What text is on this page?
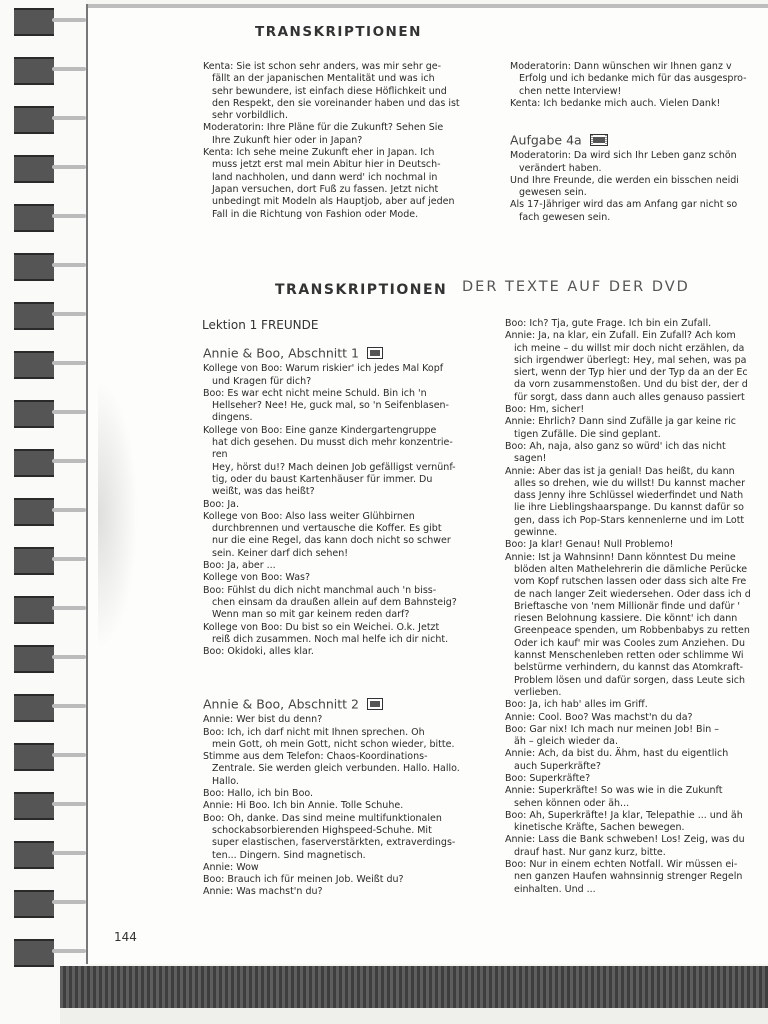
TRANSKRIPTIONEN
TRANSKRIPTIONEN DER TEXTE AUF DER DVD

Kenta: Sie ist schon sehr anders, was mir sehr ge-

fällt an der japanischen Mentalität und was ich

sehr bewundere, ist einfach diese Höflichkeit und

den Respekt, den sie voreinander haben und das ist

sehr vorbildlich.

Moderatorin: Ihre Pläne für die Zukunft? Sehen Sie

Ihre Zukunft hier oder in Japan?

Kenta: Ich sehe meine Zukunft eher in Japan. Ich

muss jetzt erst mal mein Abitur hier in Deutsch-

land nachholen, und dann werd' ich nochmal in

Japan versuchen, dort Fuß zu fassen. Jetzt nicht

unbedingt mit Modeln als Hauptjob, aber auf jeden

Fall in die Richtung von Fashion oder Mode.

Moderatorin: Dann wünschen wir Ihnen ganz v

Erfolg und ich bedanke mich für das ausgespro-

chen nette Interview!

Kenta: Ich bedanke mich auch. Vielen Dank!

Aufgabe 4a

Moderatorin: Da wird sich Ihr Leben ganz schön

verändert haben.

Und Ihre Freunde, die werden ein bisschen neidi

gewesen sein.

Als 17-Jähriger wird das am Anfang gar nicht so

fach gewesen sein.

Lektion 1 FREUNDE
Annie & Boo, Abschnitt 1

Kollege von Boo: Warum riskier' ich jedes Mal Kopf

und Kragen für dich?

Boo: Es war echt nicht meine Schuld. Bin ich 'n

Hellseher? Nee! He, guck mal, so 'n Seifenblasen-

dingens.

Kollege von Boo: Eine ganze Kindergartengruppe

hat dich gesehen. Du musst dich mehr konzentrie-

ren

Hey, hörst du!? Mach deinen Job gefälligst vernünf-

tig, oder du baust Kartenhäuser für immer. Du

weißt, was das heißt?

Boo: Ja.

Kollege von Boo: Also lass weiter Glühbirnen

durchbrennen und vertausche die Koffer. Es gibt

nur die eine Regel, das kann doch nicht so schwer

sein. Keiner darf dich sehen!

Boo: Ja, aber ...

Kollege von Boo: Was?

Boo: Fühlst du dich nicht manchmal auch 'n biss-

chen einsam da draußen allein auf dem Bahnsteig?

Wenn man so mit gar keinem reden darf?

Kollege von Boo: Du bist so ein Weichei. O.k. Jetzt

reiß dich zusammen. Noch mal helfe ich dir nicht.

Boo: Okidoki, alles klar.

Annie & Boo, Abschnitt 2

Annie: Wer bist du denn?

Boo: Ich, ich darf nicht mit Ihnen sprechen. Oh

mein Gott, oh mein Gott, nicht schon wieder, bitte.

Stimme aus dem Telefon: Chaos-Koordinations-

Zentrale. Sie werden gleich verbunden. Hallo. Hallo.

Hallo.

Boo: Hallo, ich bin Boo.

Annie: Hi Boo. Ich bin Annie. Tolle Schuhe.

Boo: Oh, danke. Das sind meine multifunktionalen

schockabsorbierenden Highspeed-Schuhe. Mit

super elastischen, faserverstärkten, extraverdings-

ten... Dingern. Sind magnetisch.

Annie: Wow

Boo: Brauch ich für meinen Job. Weißt du?

Annie: Was machst'n du?

Boo: Ich? Tja, gute Frage. Ich bin ein Zufall.

Annie: Ja, na klar, ein Zufall. Ein Zufall? Ach kom

ich meine – du willst mir doch nicht erzählen, da

sich irgendwer überlegt: Hey, mal sehen, was pa

siert, wenn der Typ hier und der Typ da an der Ec

da vorn zusammenstoßen. Und du bist der, der d

für sorgt, dass dann auch alles genauso passiert

Boo: Hm, sicher!

Annie: Ehrlich? Dann sind Zufälle ja gar keine ric

tigen Zufälle. Die sind geplant.

Boo: Ah, naja, also ganz so würd' ich das nicht

sagen!

Annie: Aber das ist ja genial! Das heißt, du kann

alles so drehen, wie du willst! Du kannst macher

dass Jenny ihre Schlüssel wiederfindet und Nath

lie ihre Lieblingshaarspange. Du kannst dafür so

gen, dass ich Pop-Stars kennenlerne und im Lott

gewinne.

Boo: Ja klar! Genau! Null Problemo!

Annie: Ist ja Wahnsinn! Dann könntest Du meine

blöden alten Mathelehrerin die dämliche Perücke

vom Kopf rutschen lassen oder dass sich alte Fre

de nach langer Zeit wiedersehen. Oder dass ich d

Brieftasche von 'nem Millionär finde und dafür '

riesen Belohnung kassiere. Die könnt' ich dann

Greenpeace spenden, um Robbenbabys zu retten

Oder ich kauf' mir was Cooles zum Anziehen. Du

kannst Menschenleben retten oder schlimme Wi

belstürme verhindern, du kannst das Atomkraft-

Problem lösen und dafür sorgen, dass Leute sich

verlieben.

Boo: Ja, ich hab' alles im Griff.

Annie: Cool. Boo? Was machst'n du da?

Boo: Gar nix! Ich mach nur meinen Job! Bin –

äh – gleich wieder da.

Annie: Ach, da bist du. Ähm, hast du eigentlich

auch Superkräfte?

Boo: Superkräfte?

Annie: Superkräfte! So was wie in die Zukunft

sehen können oder äh...

Boo: Ah, Superkräfte! Ja klar, Telepathie ... und äh

kinetische Kräfte, Sachen bewegen.

Annie: Lass die Bank schweben! Los! Zeig, was du

drauf hast. Nur ganz kurz, bitte.

Boo: Nur in einem echten Notfall. Wir müssen ei-

nen ganzen Haufen wahnsinnig strenger Regeln

einhalten. Und ...

144
